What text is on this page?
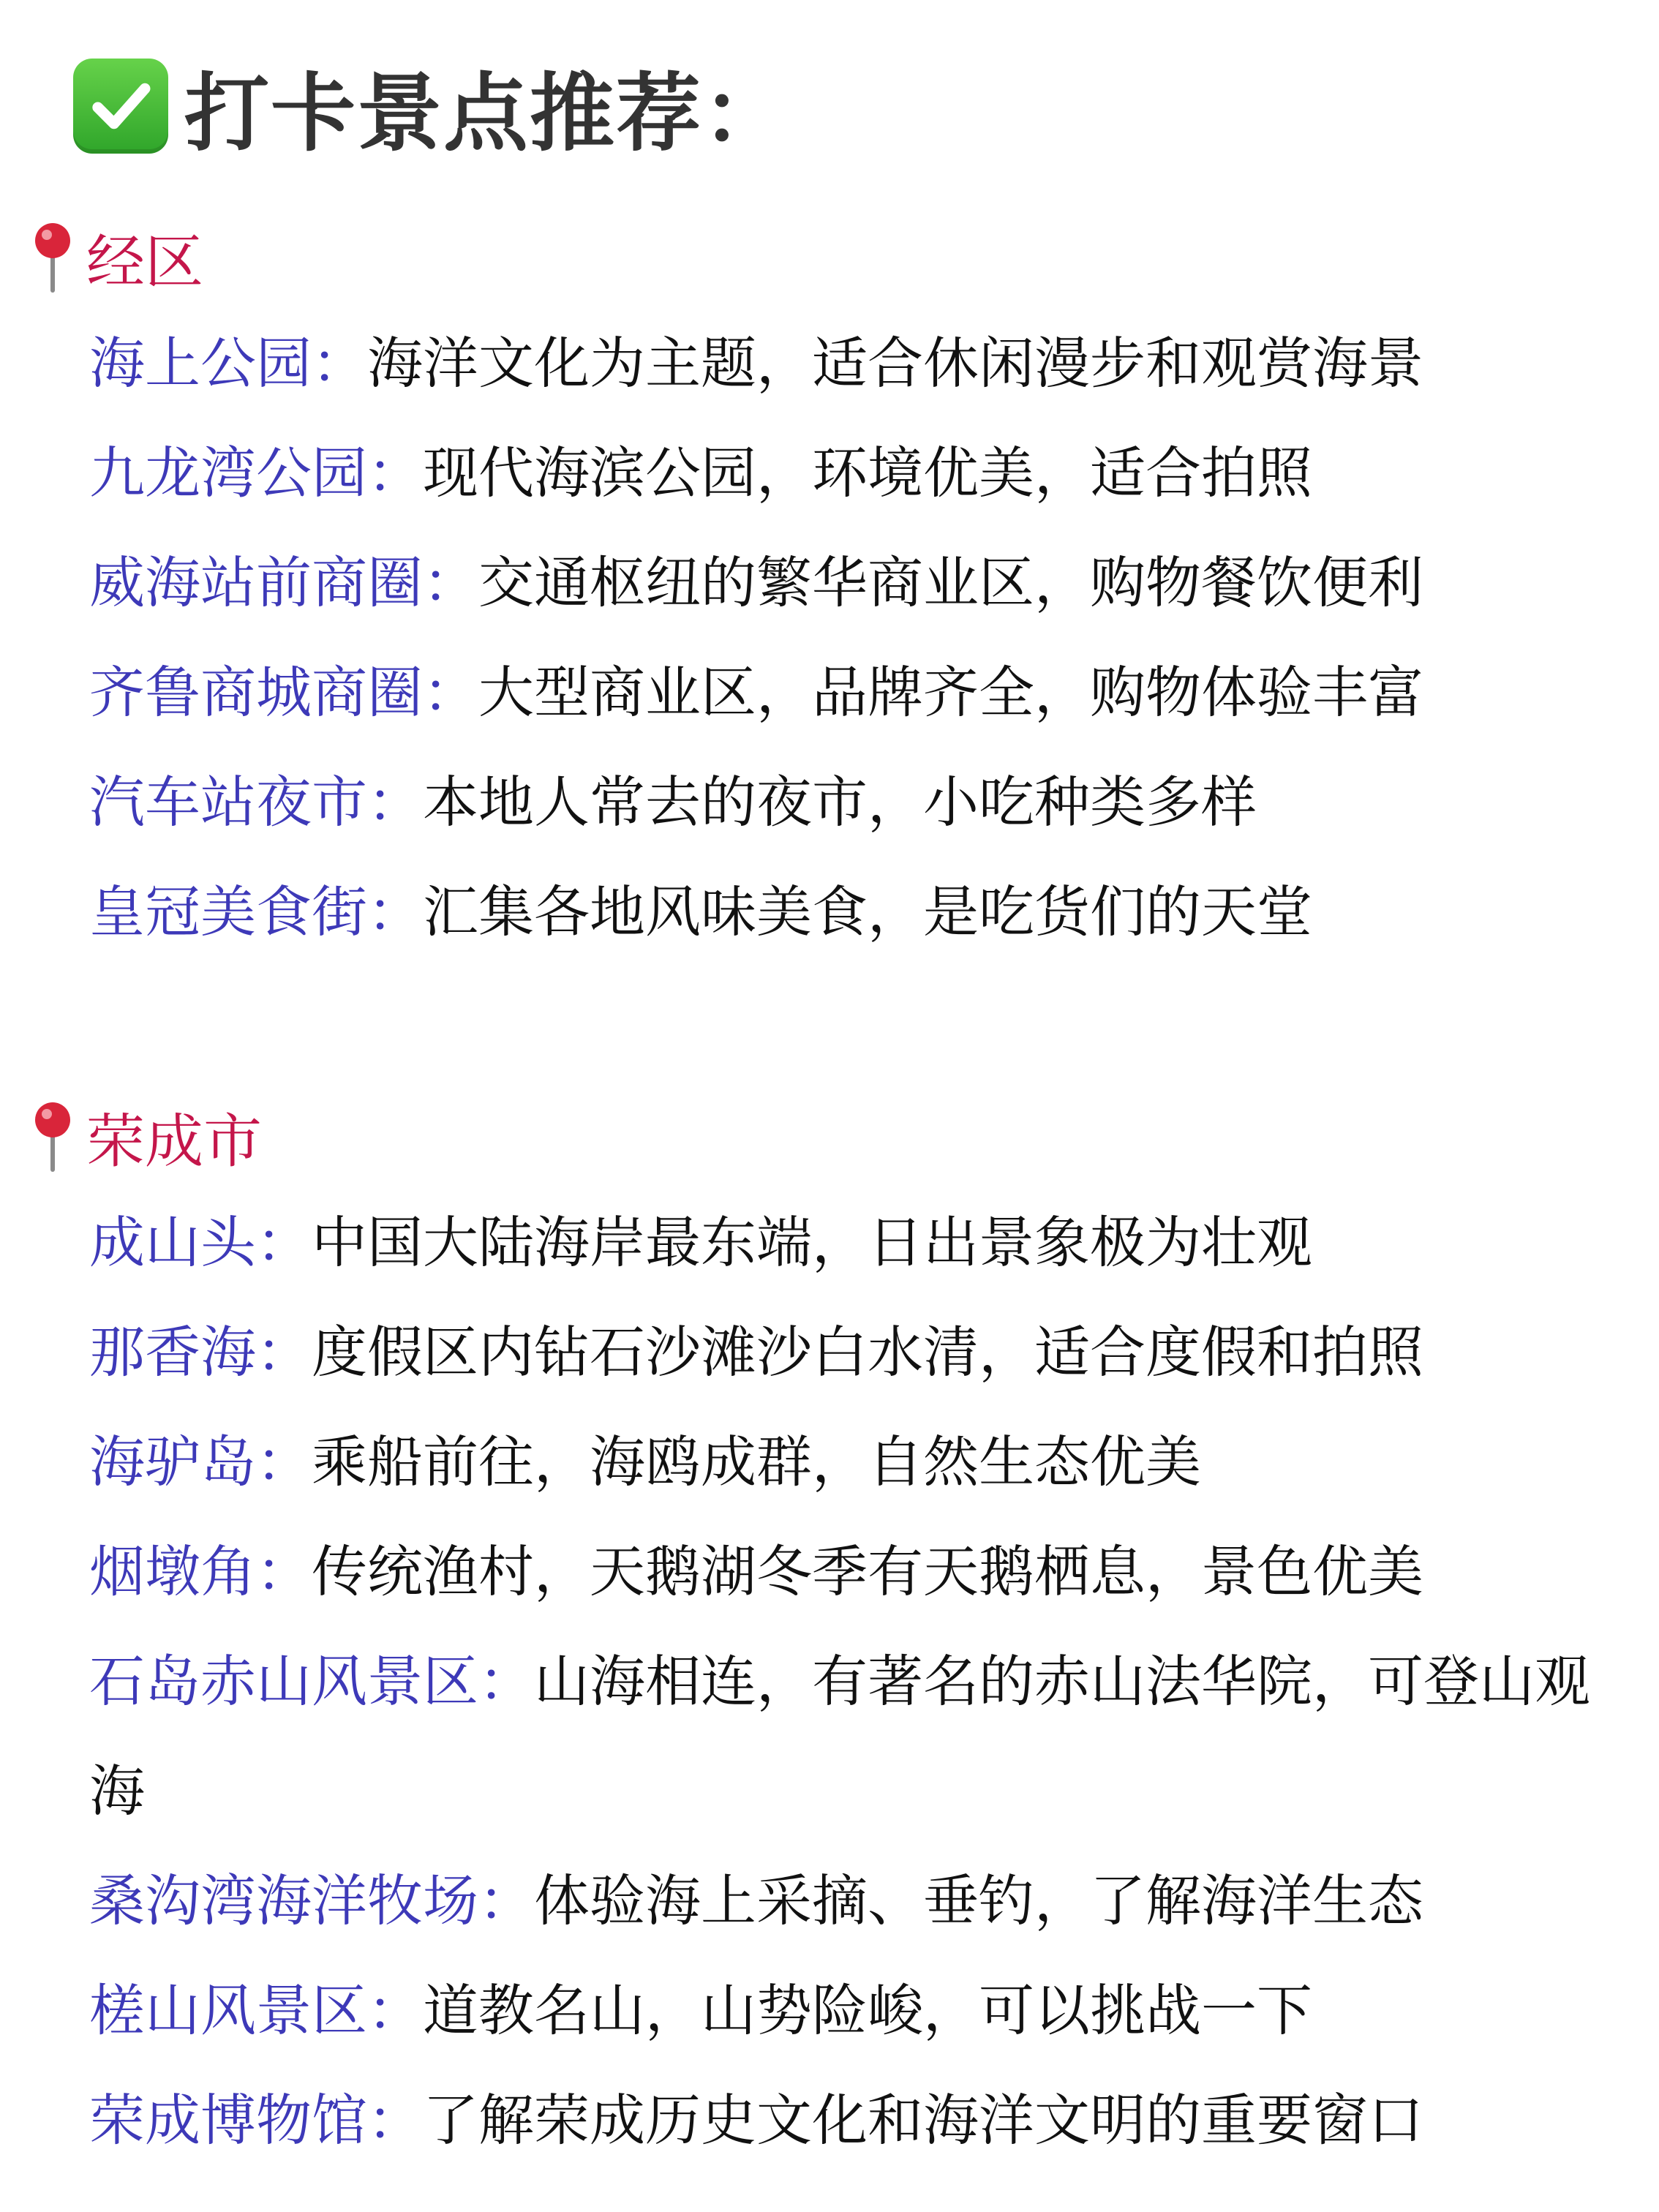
打卡景点推荐：
经区
海上公园：海洋文化为主题，适合休闲漫步和观赏海景
九龙湾公园：现代海滨公园，环境优美，适合拍照
威海站前商圈：交通枢纽的繁华商业区，购物餐饮便利
齐鲁商城商圈：大型商业区，品牌齐全，购物体验丰富
汽车站夜市：本地人常去的夜市，小吃种类多样
皇冠美食街：汇集各地风味美食，是吃货们的天堂
荣成市
成山头：中国大陆海岸最东端，日出景象极为壮观
那香海：度假区内钻石沙滩沙白水清，适合度假和拍照
海驴岛：乘船前往，海鸥成群，自然生态优美
烟墩角：传统渔村，天鹅湖冬季有天鹅栖息，景色优美
石岛赤山风景区：山海相连，有著名的赤山法华院，可登山观海
桑沟湾海洋牧场：体验海上采摘、垂钓，了解海洋生态
槎山风景区：道教名山，山势险峻，可以挑战一下
荣成博物馆：了解荣成历史文化和海洋文明的重要窗口
